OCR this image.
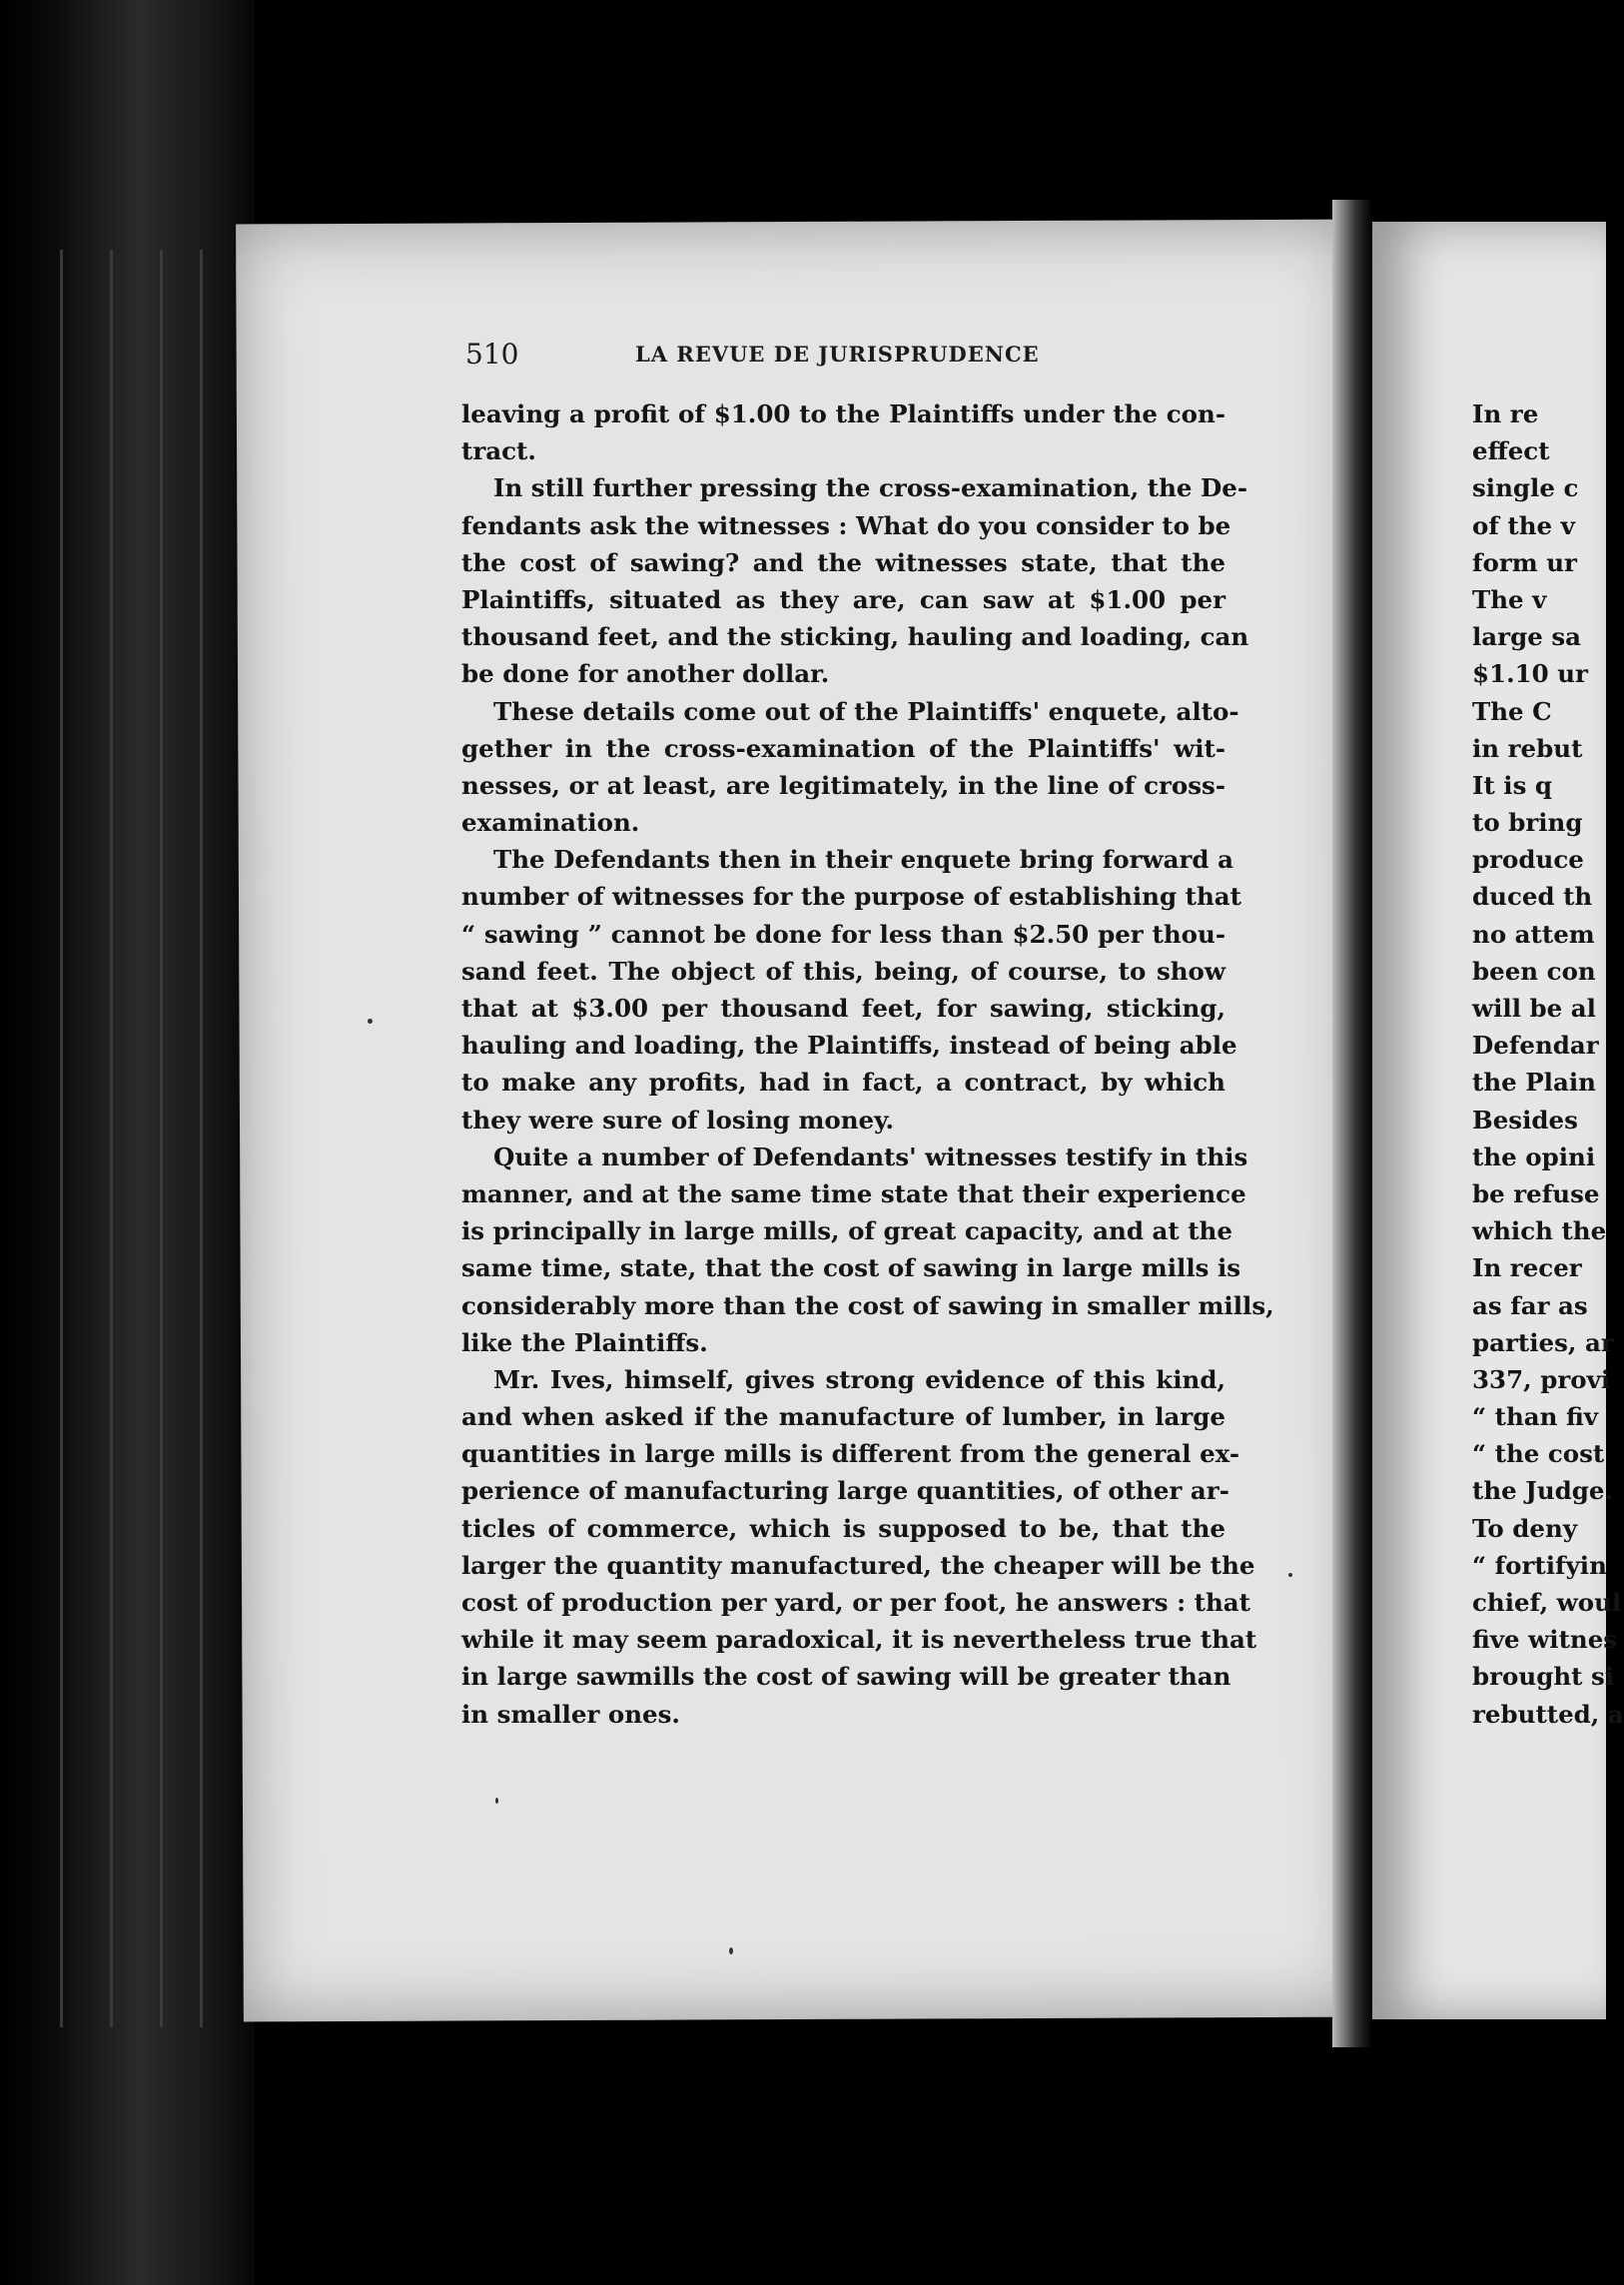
510	LA REVUE DE JURISPRUDENCE
leaving a profit of $1.00 to the Plaintiffs under the con-
tract.
In still further pressing the cross-examination, the De-
fendants ask the witnesses : What do you consider to be
the cost of sawing? and the witnesses state, that the
Plaintiffs, situated as they are, can saw at $1.00 per
thousand feet, and the sticking, hauling and loading, can
be done for another dollar.
These details come out of the Plaintiffs' enquete, alto-
gether in the cross-examination of the Plaintiffs' wit-
nesses, or at least, are legitimately, in the line of cross-
examination.
The Defendants then in their enquete bring forward a
number of witnesses for the purpose of establishing that
“ sawing ” cannot be done for less than $2.50 per thou-
sand feet. The object of this, being, of course, to show
that at $3.00 per thousand feet, for sawing, sticking,
hauling and loading, the Plaintiffs, instead of being able
to make any profits, had in fact, a contract, by which
they were sure of losing money.
Quite a number of Defendants' witnesses testify in this
manner, and at the same time state that their experience
is principally in large mills, of great capacity, and at the
same time, state, that the cost of sawing in large mills is
considerably more than the cost of sawing in smaller mills,
like the Plaintiffs.
Mr. Ives, himself, gives strong evidence of this kind,
and when asked if the manufacture of lumber, in large
quantities in large mills is different from the general ex-
perience of manufacturing large quantities, of other ar-
ticles of commerce, which is supposed to be, that the
larger the quantity manufactured, the cheaper will be the
cost of production per yard, or per foot, he answers : that
while it may seem paradoxical, it is nevertheless true that
in large sawmills the cost of sawing will be greater than
in smaller ones.
In re
effect
single c
of the v
form ur
The v
large sa
$1.10 ur
The C
in rebut
It is q
to bring
produce
duced th
no attem
been con
will be al
Defendar
the Plain
Besides
the opini
be refuse
which the
In recer
as far as
parties, ar
337, provi
“ than fiv
“ the cost
the Judge.
To deny
“ fortifyin
chief, woul
five witnes
brought si
rebutted, a
